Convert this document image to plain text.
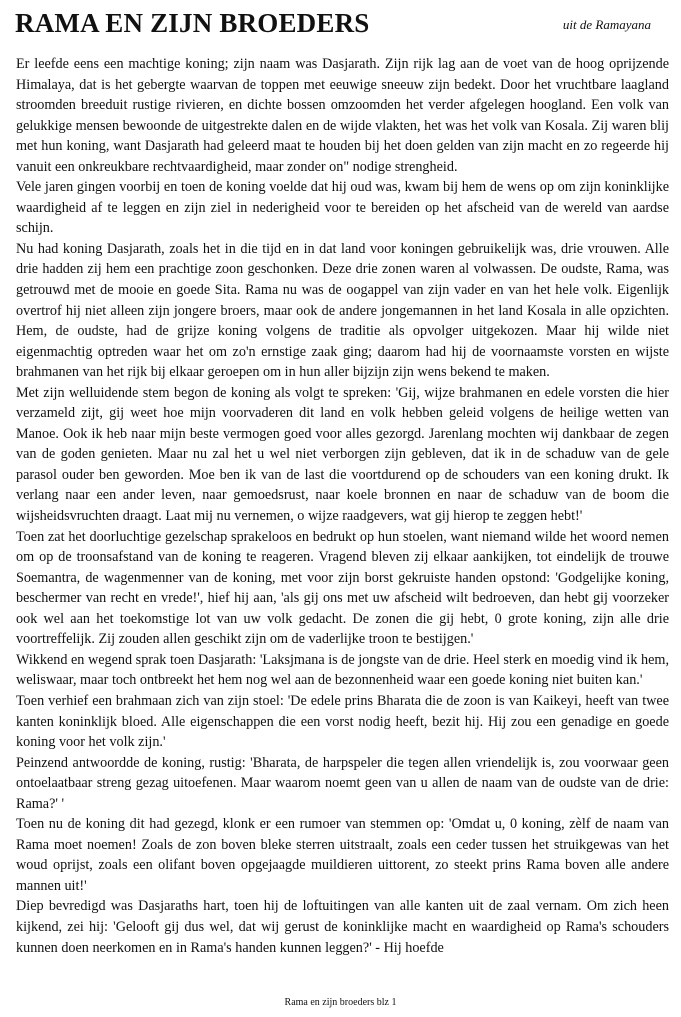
RAMA EN ZIJN BROEDERS	uit de Ramayana

Er leefde eens een machtige koning; zijn naam was Dasjarath. Zijn rijk lag aan de voet van de hoog oprijzende Himalaya, dat is het gebergte waarvan de toppen met eeuwige sneeuw zijn bedekt. Door het vruchtbare laagland stroomden breeduit rustige rivieren, en dichte bossen omzoomden het verder afgelegen hoogland. Een volk van gelukkige mensen bewoonde de uitgestrekte dalen en de wijde vlakten, het was het volk van Kosala. Zij waren blij met hun koning, want Dasjarath had geleerd maat te houden bij het doen gelden van zijn macht en zo regeerde hij vanuit een onkreukbare rechtvaardigheid, maar zonder on" nodige strengheid.

Vele jaren gingen voorbij en toen de koning voelde dat hij oud was, kwam bij hem de wens op om zijn koninklijke waardigheid af te leggen en zijn ziel in nederigheid voor te bereiden op het afscheid van de wereld van aardse schijn.

Nu had koning Dasjarath, zoals het in die tijd en in dat land voor koningen gebruikelijk was, drie vrouwen. Alle drie hadden zij hem een prachtige zoon geschonken. Deze drie zonen waren al volwassen. De oudste, Rama, was getrouwd met de mooie en goede Sita. Rama nu was de oogappel van zijn vader en van het hele volk. Eigenlijk overtrof hij niet alleen zijn jongere broers, maar ook de andere jongemannen in het land Kosala in alle opzichten. Hem, de oudste, had de grijze koning volgens de traditie als opvolger uitgekozen. Maar hij wilde niet eigenmachtig optreden waar het om zo'n ernstige zaak ging; daarom had hij de voornaamste vorsten en wijste brahmanen van het rijk bij elkaar geroepen om in hun aller bijzijn zijn wens bekend te maken.

Met zijn welluidende stem begon de koning als volgt te spreken: 'Gij, wijze brahmanen en edele vorsten die hier verzameld zijt, gij weet hoe mijn voorvaderen dit land en volk hebben geleid volgens de heilige wetten van Manoe. Ook ik heb naar mijn beste vermogen goed voor alles gezorgd. Jarenlang mochten wij dankbaar de zegen van de goden genieten. Maar nu zal het u wel niet verborgen zijn gebleven, dat ik in de schaduw van de gele parasol ouder ben geworden. Moe ben ik van de last die voortdurend op de schouders van een koning drukt. Ik verlang naar een ander leven, naar gemoedsrust, naar koele bronnen en naar de schaduw van de boom die wijsheidsvruchten draagt. Laat mij nu vernemen, o wijze raadgevers, wat gij hierop te zeggen hebt!'

Toen zat het doorluchtige gezelschap sprakeloos en bedrukt op hun stoelen, want niemand wilde het woord nemen om op de troonsafstand van de koning te reageren. Vragend bleven zij elkaar aankijken, tot eindelijk de trouwe Soemantra, de wagenmenner van de koning, met voor zijn borst gekruiste handen opstond: 'Godgelijke koning, beschermer van recht en vrede!', hief hij aan, 'als gij ons met uw afscheid wilt bedroeven, dan hebt gij voorzeker ook wel aan het toekomstige lot van uw volk gedacht. De zonen die gij hebt, 0 grote koning, zijn alle drie voortreffelijk. Zij zouden allen geschikt zijn om de vaderlijke troon te bestijgen.'

Wikkend en wegend sprak toen Dasjarath: 'Laksjmana is de jongste van de drie. Heel sterk en moedig vind ik hem, weliswaar, maar toch ontbreekt het hem nog wel aan de bezonnenheid waar een goede koning niet buiten kan.'

Toen verhief een brahmaan zich van zijn stoel: 'De edele prins Bharata die de zoon is van Kaikeyi, heeft van twee kanten koninklijk bloed. Alle eigenschappen die een vorst nodig heeft, bezit hij. Hij zou een genadige en goede koning voor het volk zijn.'

Peinzend antwoordde de koning, rustig: 'Bharata, de harpspeler die tegen allen vriendelijk is, zou voorwaar geen ontoelaatbaar streng gezag uitoefenen. Maar waarom noemt geen van u allen de naam van de oudste van de drie: Rama?' '

Toen nu de koning dit had gezegd, klonk er een rumoer van stemmen op: 'Omdat u, 0 koning, zèlf de naam van Rama moet noemen! Zoals de zon boven bleke sterren uitstraalt, zoals een ceder tussen het struikgewas van het woud oprijst, zoals een olifant boven opgejaagde muildieren uittorent, zo steekt prins Rama boven alle andere mannen uit!'

Diep bevredigd was Dasjaraths hart, toen hij de loftuitingen van alle kanten uit de zaal vernam. Om zich heen kijkend, zei hij: 'Gelooft gij dus wel, dat wij gerust de koninklijke macht en waardigheid op Rama's schouders kunnen doen neerkomen en in Rama's handen kunnen leggen?' - Hij hoefde

Rama en zijn broeders blz 1
